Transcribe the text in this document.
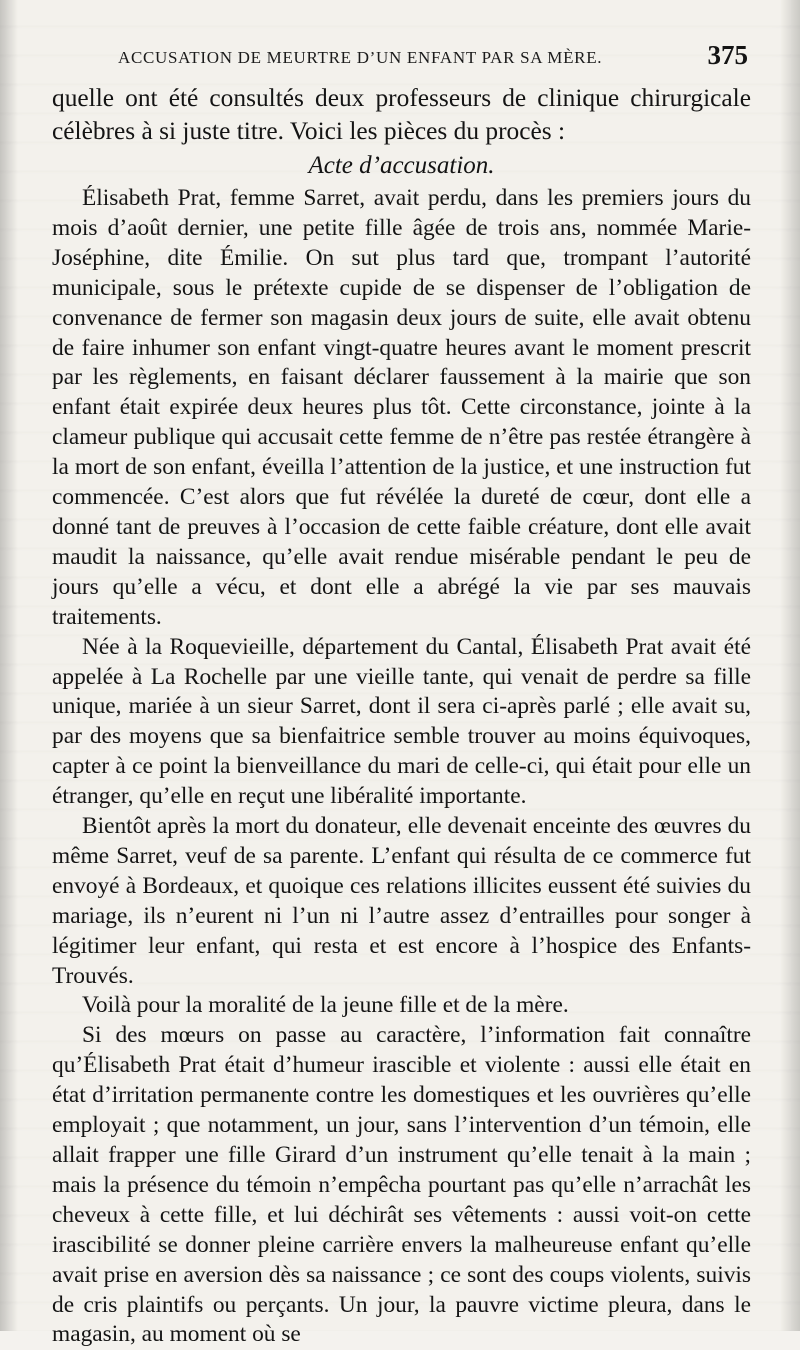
ACCUSATION DE MEURTRE D’UN ENFANT PAR SA MÈRE.	375

quelle ont été consultés deux professeurs de clinique chirurgicale célèbres à si juste titre. Voici les pièces du procès :

Acte d’accusation.

Élisabeth Prat, femme Sarret, avait perdu, dans les premiers jours du mois d’août dernier, une petite fille âgée de trois ans, nommée Marie-Joséphine, dite Émilie. On sut plus tard que, trompant l’autorité municipale, sous le prétexte cupide de se dispenser de l’obligation de convenance de fermer son magasin deux jours de suite, elle avait obtenu de faire inhumer son enfant vingt-quatre heures avant le moment prescrit par les règlements, en faisant déclarer faussement à la mairie que son enfant était expirée deux heures plus tôt. Cette circonstance, jointe à la clameur publique qui accusait cette femme de n’être pas restée étrangère à la mort de son enfant, éveilla l’attention de la justice, et une instruction fut commencée. C’est alors que fut révélée la dureté de cœur, dont elle a donné tant de preuves à l’occasion de cette faible créature, dont elle avait maudit la naissance, qu’elle avait rendue misérable pendant le peu de jours qu’elle a vécu, et dont elle a abrégé la vie par ses mauvais traitements.

Née à la Roquevieille, département du Cantal, Élisabeth Prat avait été appelée à La Rochelle par une vieille tante, qui venait de perdre sa fille unique, mariée à un sieur Sarret, dont il sera ci-après parlé ; elle avait su, par des moyens que sa bienfaitrice semble trouver au moins équivoques, capter à ce point la bienveillance du mari de celle-ci, qui était pour elle un étranger, qu’elle en reçut une libéralité importante.

Bientôt après la mort du donateur, elle devenait enceinte des œuvres du même Sarret, veuf de sa parente. L’enfant qui résulta de ce commerce fut envoyé à Bordeaux, et quoique ces relations illicites eussent été suivies du mariage, ils n’eurent ni l’un ni l’autre assez d’entrailles pour songer à légitimer leur enfant, qui resta et est encore à l’hospice des Enfants-Trouvés.

Voilà pour la moralité de la jeune fille et de la mère.

Si des mœurs on passe au caractère, l’information fait connaître qu’Élisabeth Prat était d’humeur irascible et violente : aussi elle était en état d’irritation permanente contre les domestiques et les ouvrières qu’elle employait ; que notamment, un jour, sans l’intervention d’un témoin, elle allait frapper une fille Girard d’un instrument qu’elle tenait à la main ; mais la présence du témoin n’empêcha pourtant pas qu’elle n’arrachât les cheveux à cette fille, et lui déchirât ses vêtements : aussi voit-on cette irascibilité se donner pleine carrière envers la malheureuse enfant qu’elle avait prise en aversion dès sa naissance ; ce sont des coups violents, suivis de cris plaintifs ou perçants. Un jour, la pauvre victime pleura, dans le magasin, au moment où se
